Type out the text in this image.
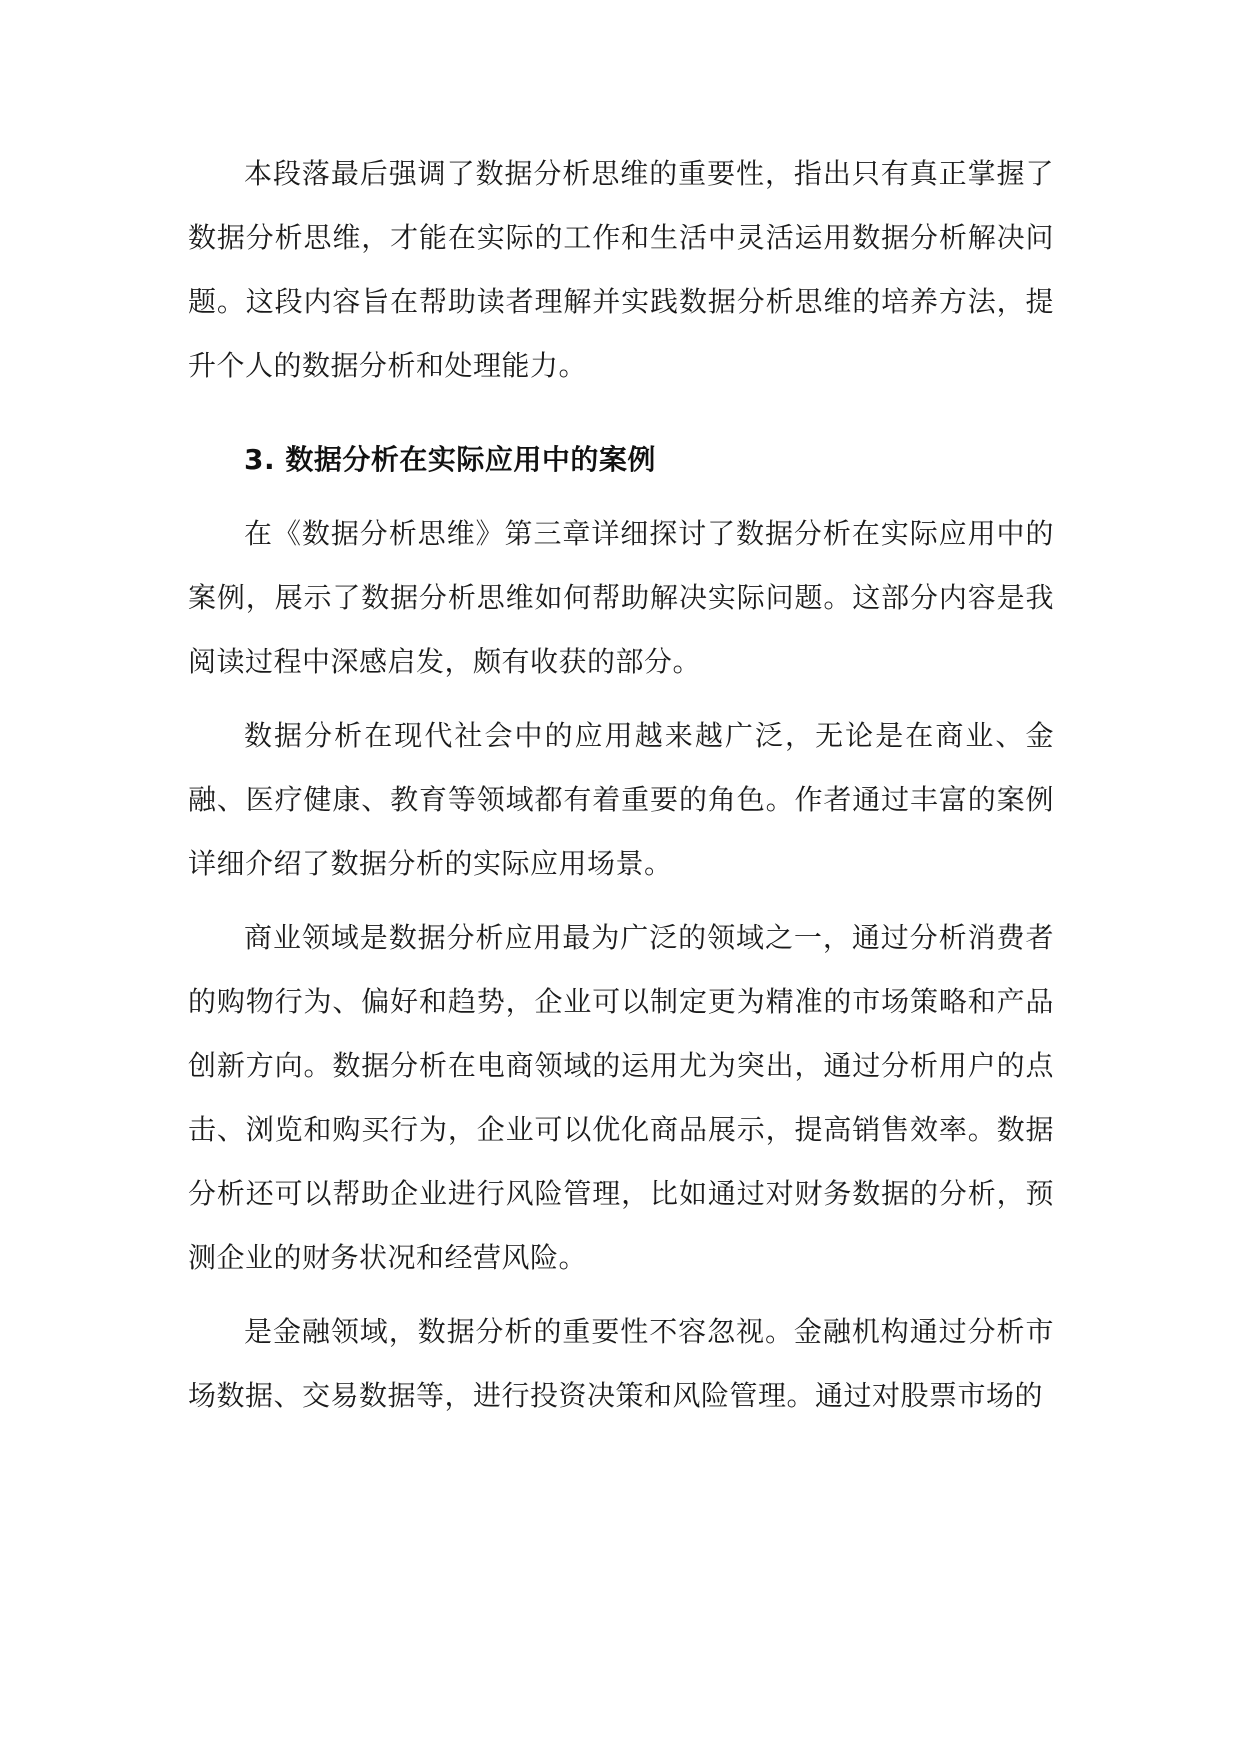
本段落最后强调了数据分析思维的重要性，指出只有真正掌握了数据分析思维，才能在实际的工作和生活中灵活运用数据分析解决问题。这段内容旨在帮助读者理解并实践数据分析思维的培养方法，提升个人的数据分析和处理能力。

3. 数据分析在实际应用中的案例

在《数据分析思维》第三章详细探讨了数据分析在实际应用中的案例，展示了数据分析思维如何帮助解决实际问题。这部分内容是我阅读过程中深感启发，颇有收获的部分。

数据分析在现代社会中的应用越来越广泛，无论是在商业、金融、医疗健康、教育等领域都有着重要的角色。作者通过丰富的案例详细介绍了数据分析的实际应用场景。

商业领域是数据分析应用最为广泛的领域之一，通过分析消费者的购物行为、偏好和趋势，企业可以制定更为精准的市场策略和产品创新方向。数据分析在电商领域的运用尤为突出，通过分析用户的点击、浏览和购买行为，企业可以优化商品展示，提高销售效率。数据分析还可以帮助企业进行风险管理，比如通过对财务数据的分析，预测企业的财务状况和经营风险。

是金融领域，数据分析的重要性不容忽视。金融机构通过分析市场数据、交易数据等，进行投资决策和风险管理。通过对股票市场的
